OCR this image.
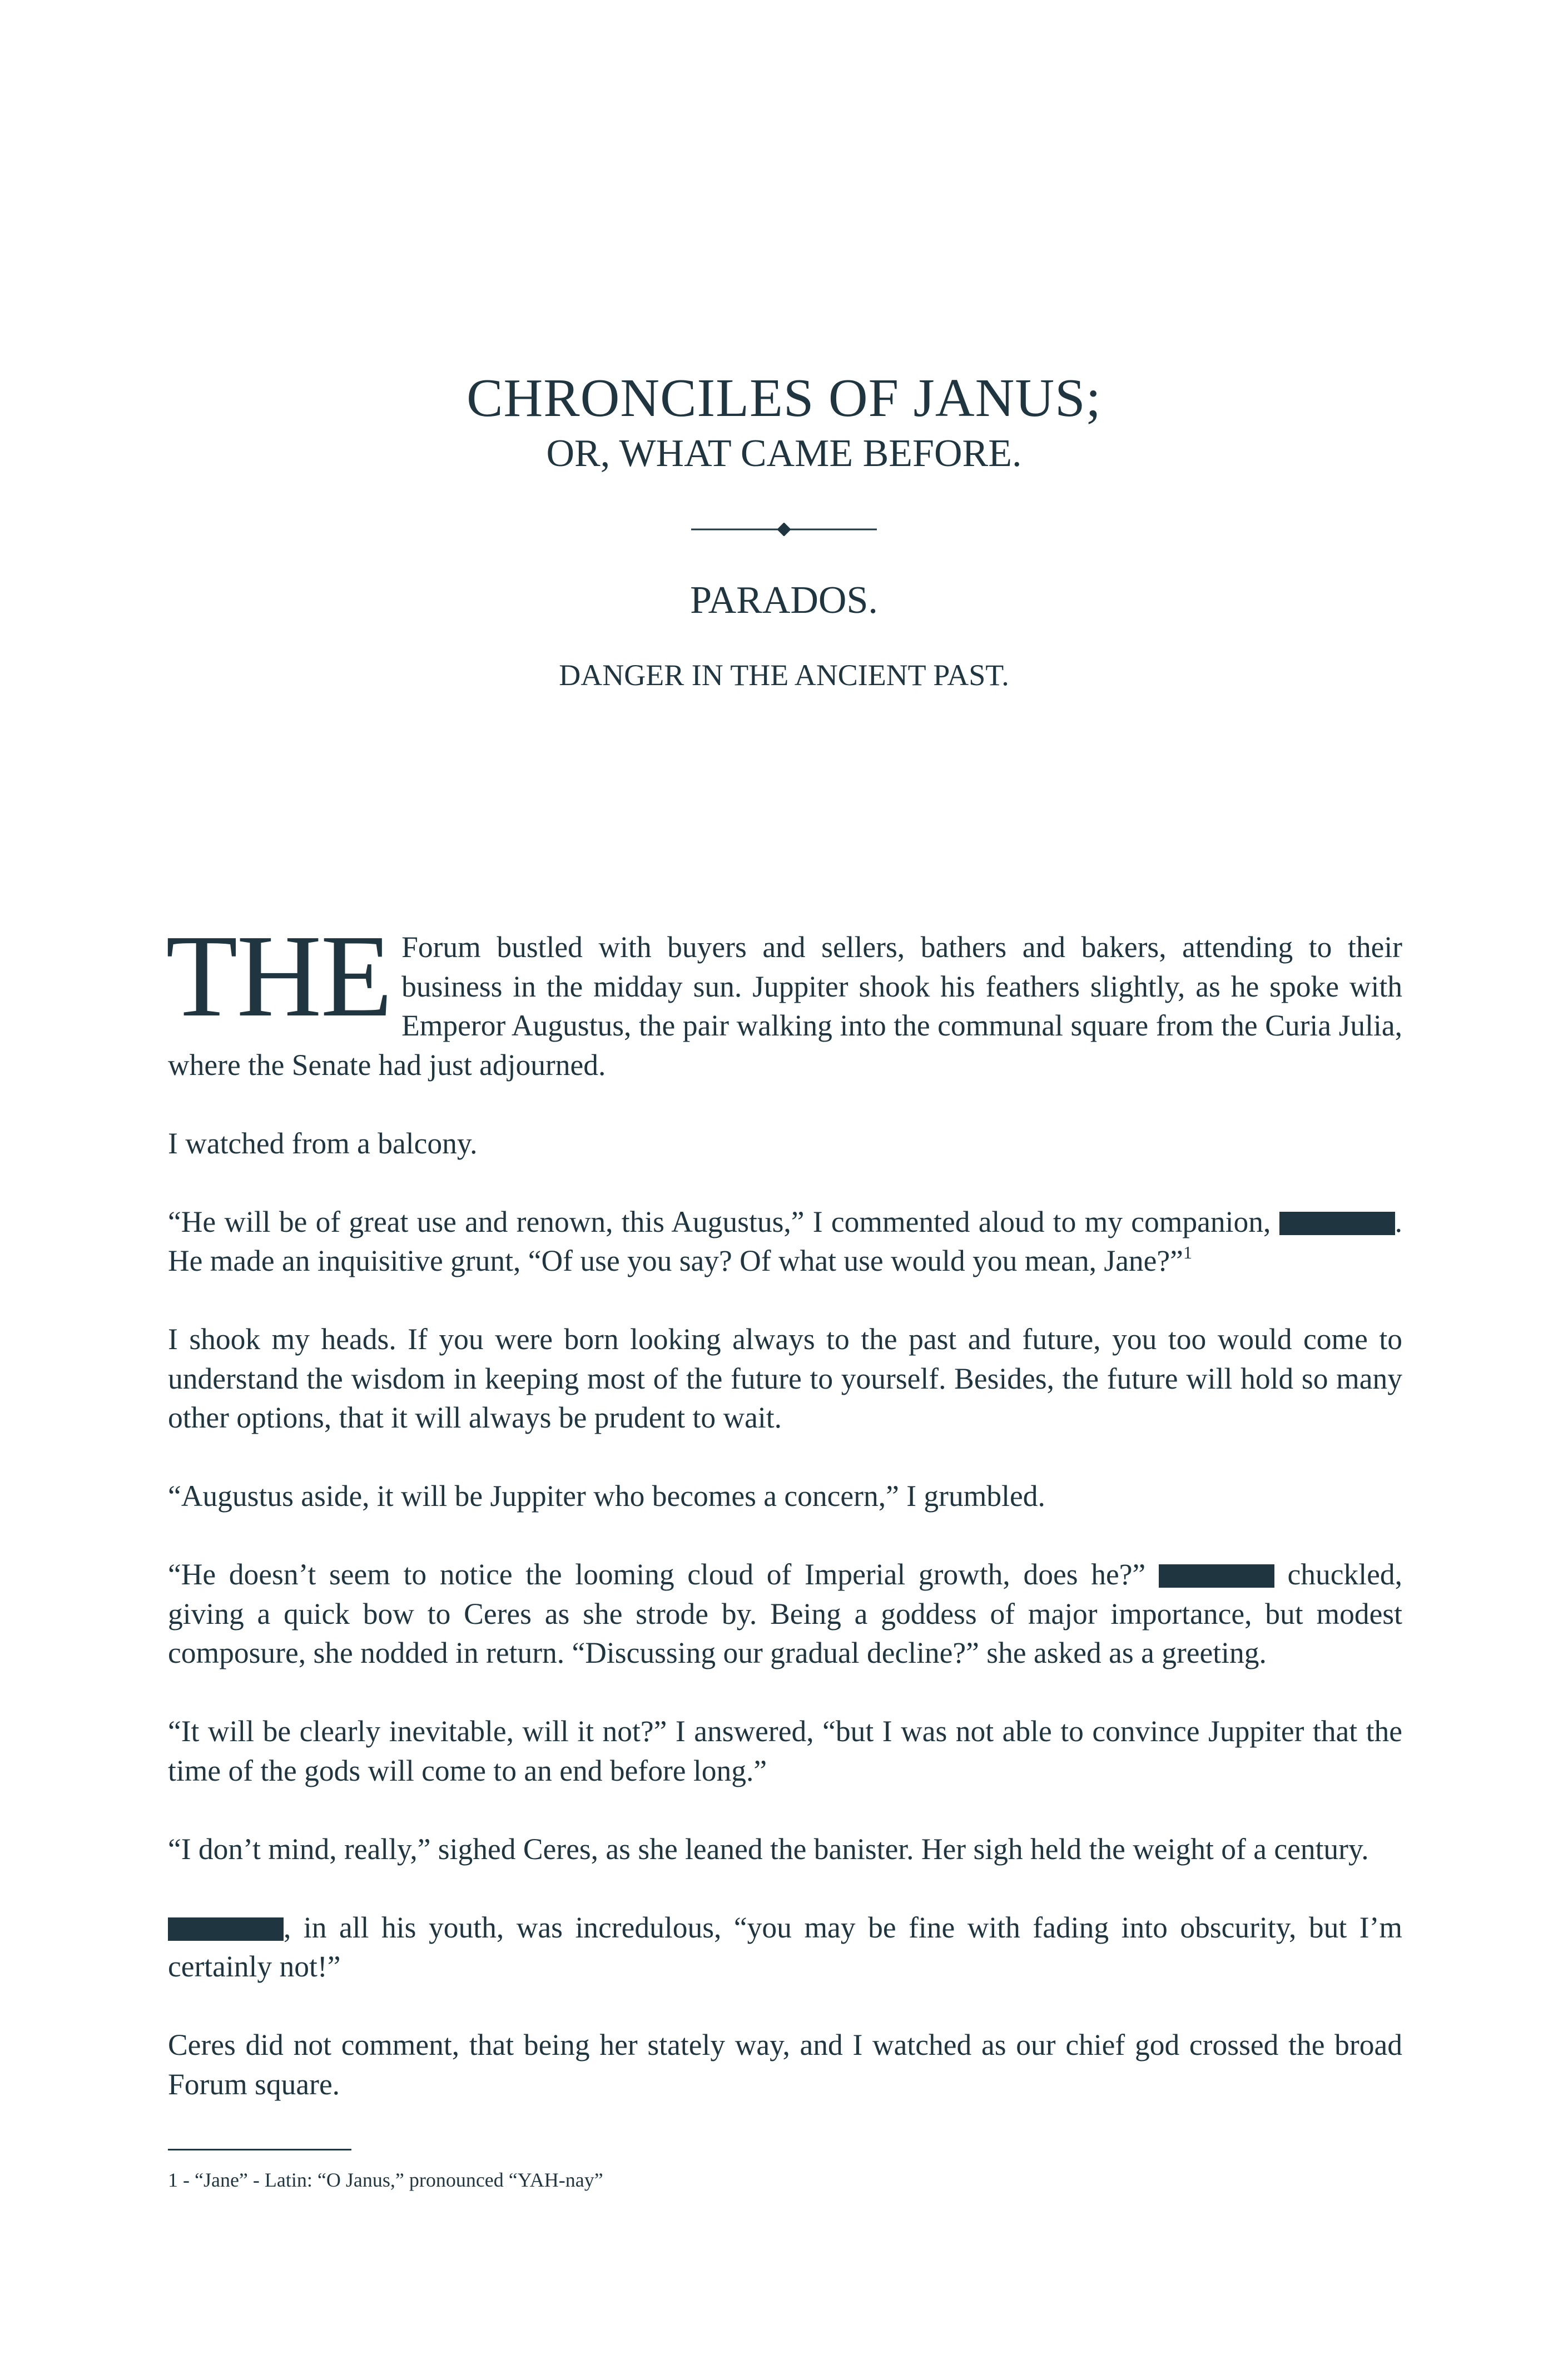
CHRONCILES OF JANUS;
OR, WHAT CAME BEFORE.
PARADOS.
DANGER IN THE ANCIENT PAST.

THE Forum bustled with buyers and sellers, bathers and bakers, attending to their business in the midday sun. Juppiter shook his feathers slightly, as he spoke with Emperor Augustus, the pair walking into the communal square from the Curia Julia, where the Senate had just adjourned.

I watched from a balcony.

“He will be of great use and renown, this Augustus,” I commented aloud to my companion,	. He made an inquisitive grunt, “Of use you say? Of what use would you mean, Jane?”$^1$

I shook my heads. If you were born looking always to the past and future, you too would come to understand the wisdom in keeping most of the future to yourself. Besides, the future will hold so many other options, that it will always be prudent to wait.

“Augustus aside, it will be Juppiter who becomes a concern,” I grumbled.

“He doesn’t seem to notice the looming cloud of Imperial growth, does he?”	chuckled, giving a quick bow to Ceres as she strode by. Being a goddess of major importance, but modest composure, she nodded in return. “Discussing our gradual decline?” she asked as a greeting.

“It will be clearly inevitable, will it not?” I answered, “but I was not able to convince Juppiter that the time of the gods will come to an end before long.”

“I don’t mind, really,” sighed Ceres, as she leaned the banister. Her sigh held the weight of a century.

, in all his youth, was incredulous, “you may be fine with fading into obscurity, but I’m certainly not!”

Ceres did not comment, that being her stately way, and I watched as our chief god crossed the broad Forum square.

1 - “Jane” - Latin: “O Janus,” pronounced “YAH-nay”
